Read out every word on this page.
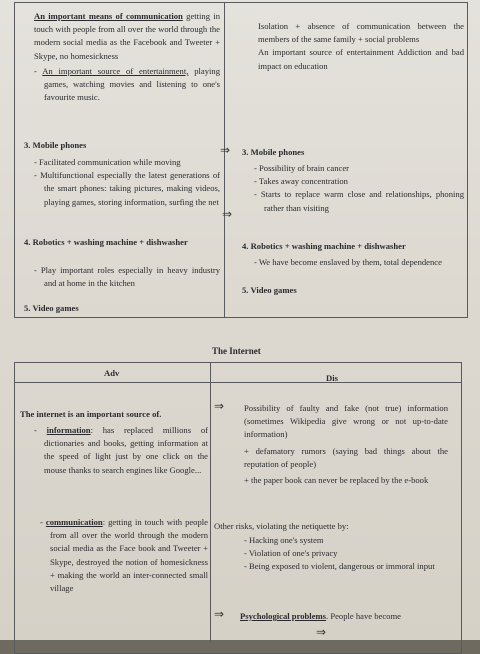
An important means of communication getting in touch with people from all over the world through the modern social media as the Facebook and Tweeter + Skype, no homesickness

- An important source of entertainment, playing games, watching movies and listening to one's favourite music.

3. Mobile phones

- Facilitated communication while moving

- Multifunctional especially the latest generations of the smart phones: taking pictures, making videos, playing games, storing information, surfing the net

4. Robotics + washing machine + dishwasher

- Play important roles especially in heavy industry and at home in the kitchen

5. Video games

Isolation + absence of communication between the members of the same family + social problems

An important source of entertainment Addiction and bad impact on education

⇒ 3. Mobile phones

- Possibility of brain cancer

- Takes away concentration

- Starts to replace warm close and relationships, phoning rather than visiting

⇒

4. Robotics + washing machine + dishwasher

- We have become enslaved by them, total dependence

5. Video games

The Internet
Adv	Dis
The internet is an important source of.

- information: has replaced millions of dictionaries and books, getting information at the speed of light just by one click on the mouse thanks to search engines like Google...

- communication: getting in touch with people from all over the world through the modern social media as the Face book and Tweeter + Skype, destroyed the notion of homesickness + making the world an inter-connected small village

⇒ Possibility of faulty and fake (not true) information (sometimes Wikipedia give wrong or not up-to-date information)

+ defamatory rumors (saying bad things about the reputation of people)

+ the paper book can never be replaced by the e-book

Other risks, violating the netiquette by:

- Hacking one's system

- Violation of one's privacy

- Being exposed to violent, dangerous or immoral input

⇒ Psychological problems. People have become

⇒
